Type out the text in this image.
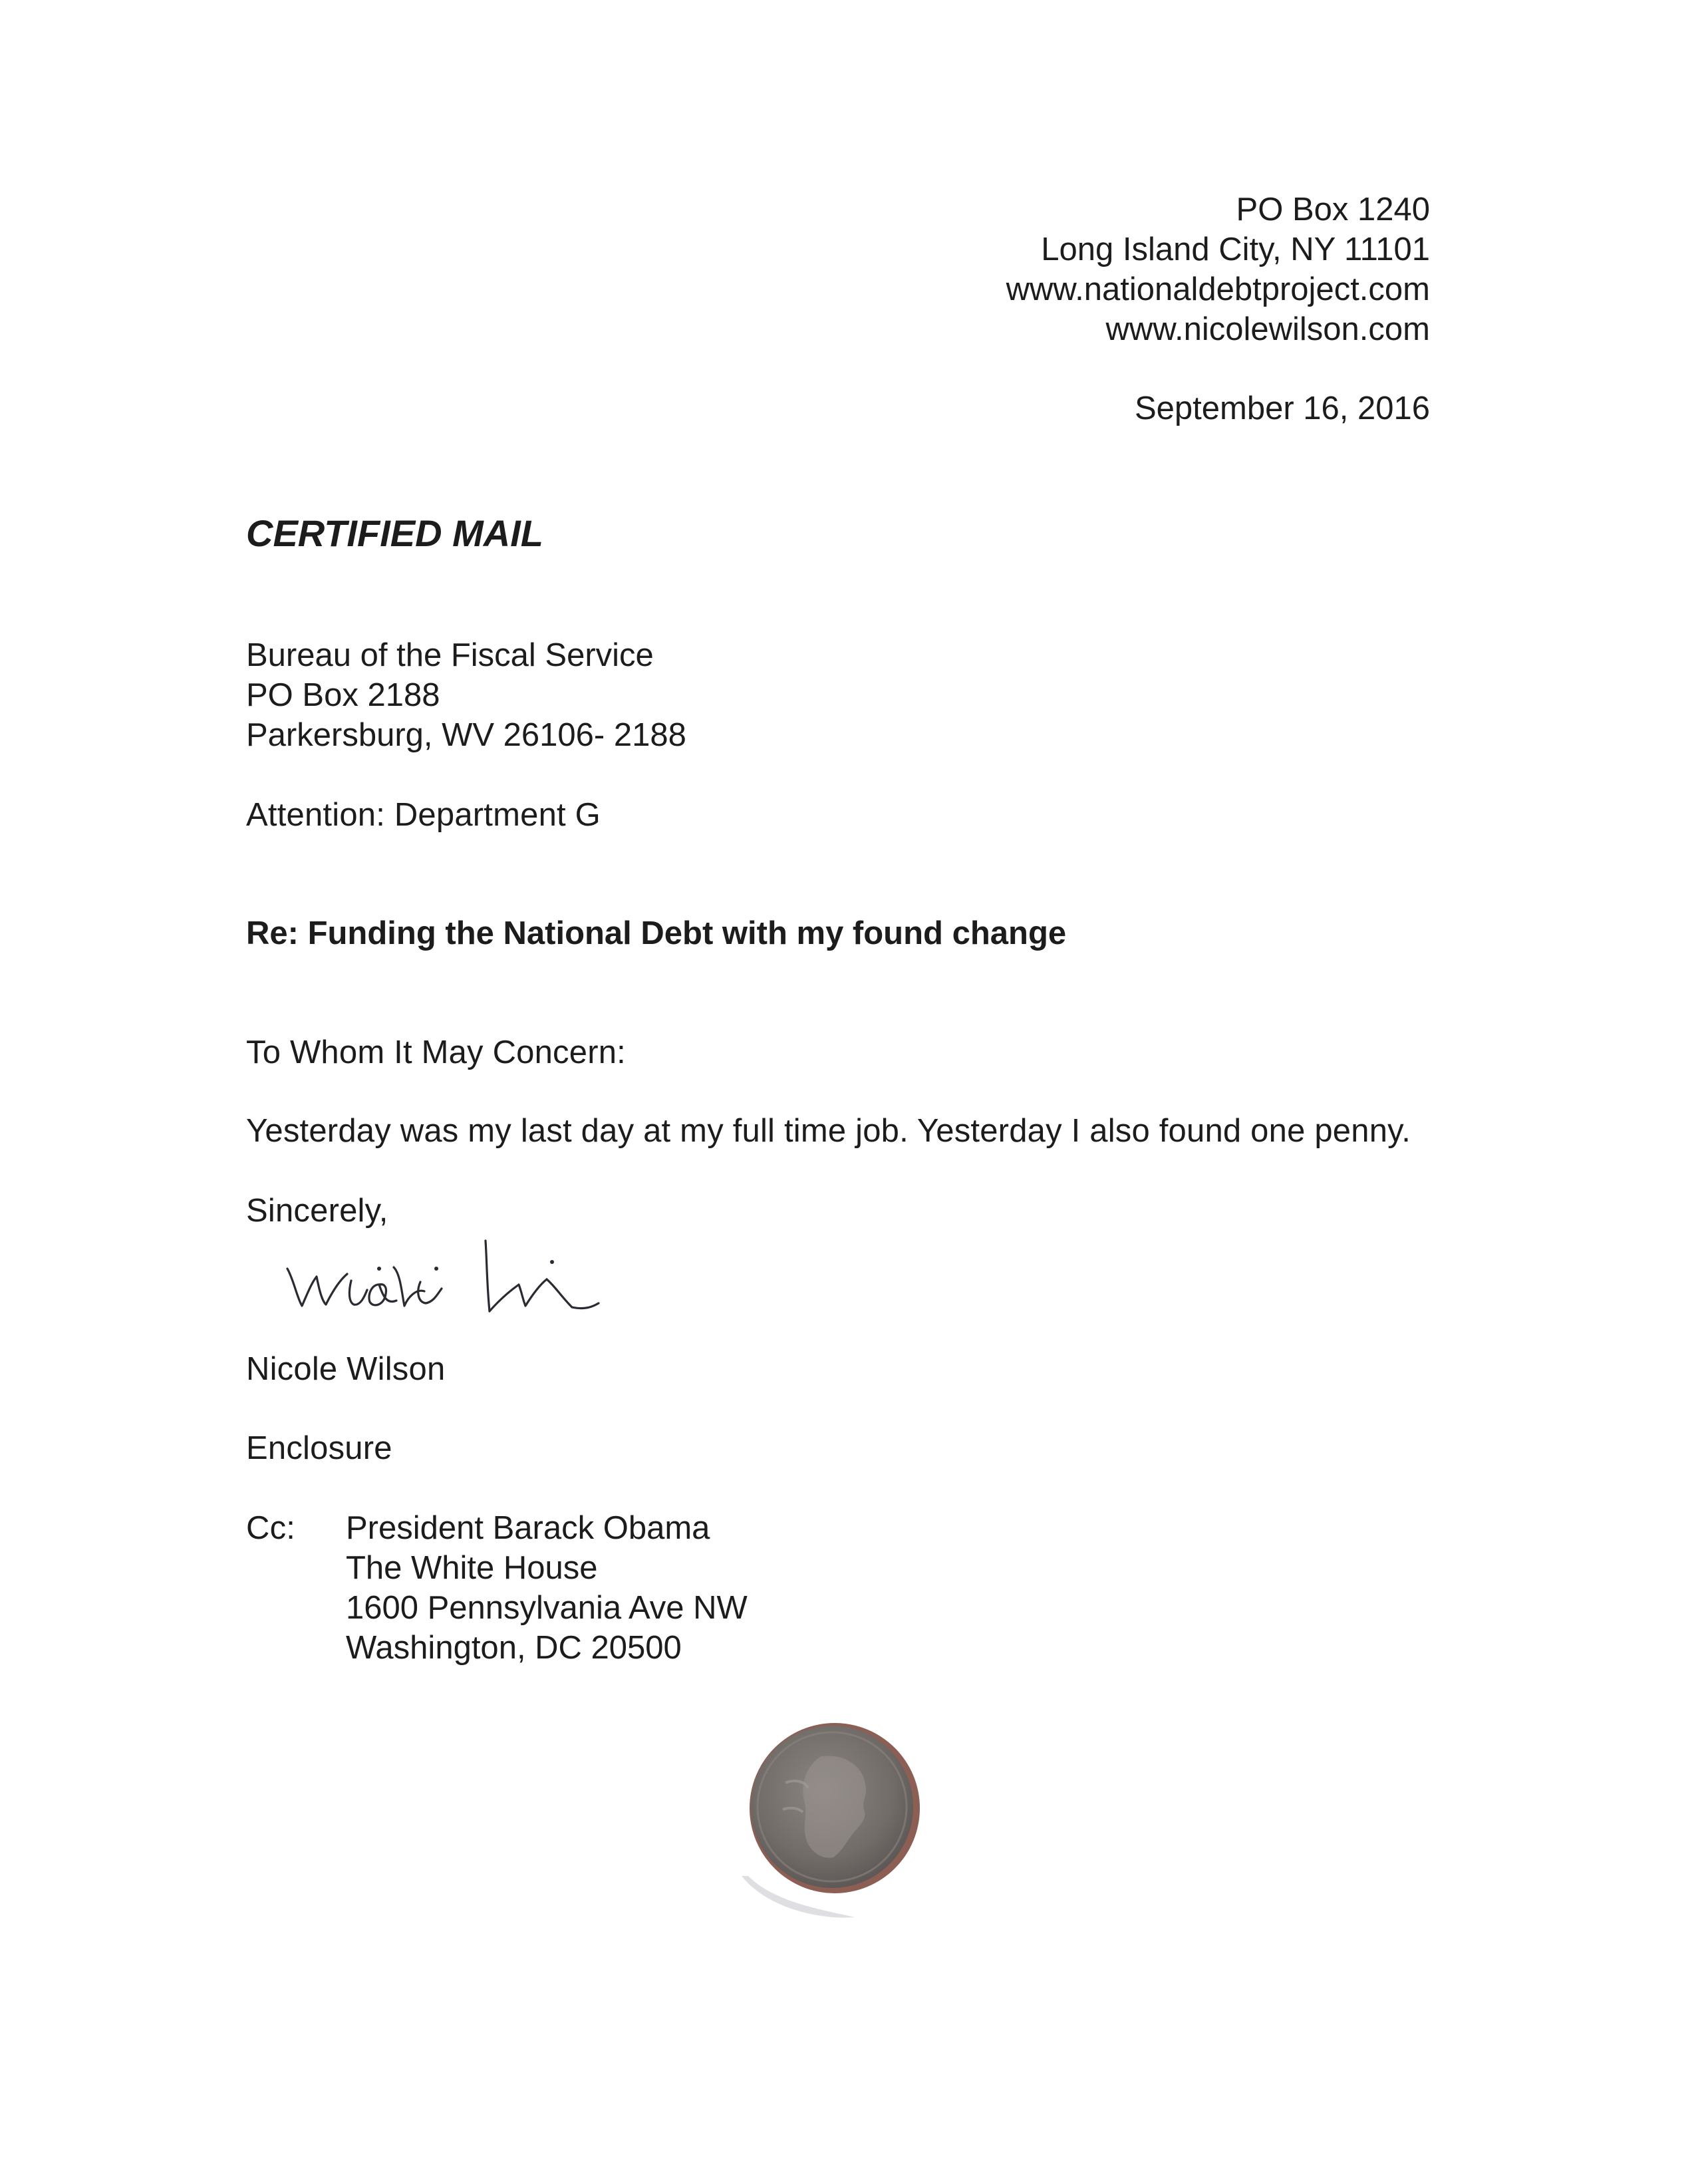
PO Box 1240
Long Island City, NY 11101
www.nationaldebtproject.com
www.nicolewilson.com
September 16, 2016
CERTIFIED MAIL
Bureau of the Fiscal Service
PO Box 2188
Parkersburg, WV 26106- 2188
Attention: Department G
Re: Funding the National Debt with my found change
To Whom It May Concern:
Yesterday was my last day at my full time job. Yesterday I also found one penny.
Sincerely,
Nicole Wilson
Enclosure
Cc: President Barack Obama
The White House
1600 Pennsylvania Ave NW
Washington, DC 20500
